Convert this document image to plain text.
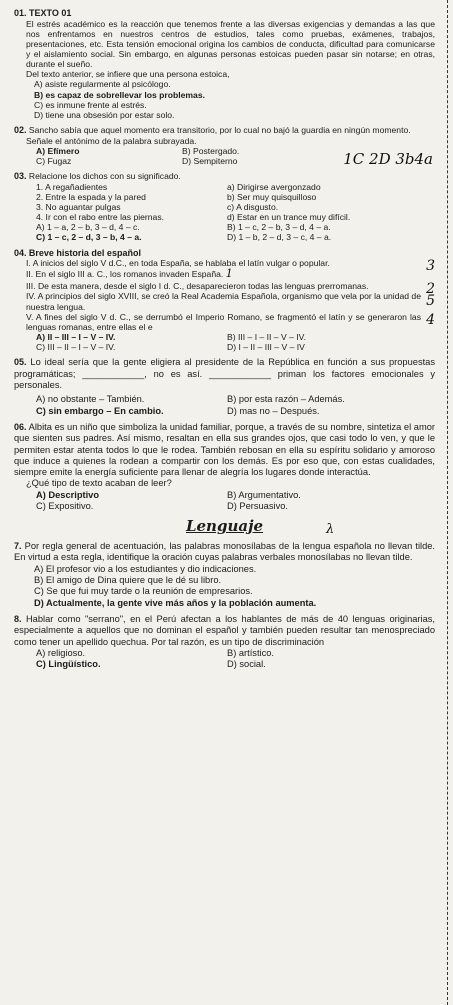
01. TEXTO 01
El estrés académico es la reacción que tenemos frente a las diversas exigencias y demandas a las que nos enfrentamos en nuestros centros de estudios, tales como pruebas, exámenes, trabajos, presentaciones, etc. Esta tensión emocional origina los cambios de conducta, dificultad para comunicarse y el aislamiento social. Sin embargo, en algunas personas estoicas pueden pasar sin notarse; en otras, durante el sueño.
Del texto anterior, se infiere que una persona estoica,
A) asiste regularmente al psicólogo.
B) es capaz de sobrellevar los problemas.
C) es inmune frente al estrés.
D) tiene una obsesión por estar solo.
02. Sancho sabía que aquel momento era transitorio, por lo cual no bajó la guardia en ningún momento.
Señale el antónimo de la palabra subrayada.
A) Efímero	B) Postergado.
C) Fugaz	D) Sempiterno	1C 2D 3b4a
03. Relacione los dichos con su significado.
1. A regañadientes	a) Dirigirse avergonzado
2. Entre la espada y la pared	b) Ser muy quisquilloso
3. No aguantar pulgas	c) A disgusto.
4. Ir con el rabo entre las piernas.	d) Estar en un trance muy difícil.
A) 1 – a, 2 – b, 3 – d, 4 – c.	B) 1 – c, 2 – b, 3 – d, 4 – a.
C) 1 – c, 2 – d, 3 – b, 4 – a.	D) 1 – b, 2 – d, 3 – c, 4 – a.
04. Breve historia del español
I. A inicios del siglo V d.C., en toda España, se hablaba el latín vulgar o popular.	3
II. En el siglo III a. C., los romanos invaden España. 1
III. De esta manera, desde el siglo I d. C., desaparecieron todas las lenguas prerromanas.	2
IV. A principios del siglo XVIII, se creó la Real Academia Española, organismo que vela por la unidad de nuestra lengua.	5
V. A fines del siglo V d. C., se derrumbó el Imperio Romano, se fragmentó el latín y se generaron las lenguas romanas, entre ellas el e	4
A) II – III – I – V – IV.	B) III – I – II – V – IV.
C) III – II – I – V – IV.	D) I – II – III – V – IV
05. Lo ideal sería que la gente eligiera al presidente de la República en función a sus propuestas programáticas; ____________, no es así. ____________ priman los factores emocionales y personales.
A) no obstante – También.	B) por esta razón – Además.
C) sin embargo – En cambio.	D) mas no – Después.
06. Albita es un niño que simboliza la unidad familiar, porque, a través de su nombre, sintetiza el amor que sienten sus padres. Así mismo, resaltan en ella sus grandes ojos, que casi todo lo ven, y que le permiten estar atenta todos lo que le rodea. También rebosan en ella su espíritu solidario y amoroso que induce a quienes la rodean a compartir con los demás. Es por eso que, con estas cualidades, siempre emite la energía suficiente para llenar de alegría los lugares donde interactúa.
¿Qué tipo de texto acaban de leer?
A) Descriptivo	B) Argumentativo.
C) Expositivo.	D) Persuasivo.
Lenguaje	λ
7. Por regla general de acentuación, las palabras monosílabas de la lengua española no llevan tilde. En virtud a esta regla, identifique la oración cuyas palabras verbales monosílabas no llevan tilde.
A) El profesor vio a los estudiantes y dio indicaciones.
B) El amigo de Dina quiere que le dé su libro.
C) Se que fui muy tarde o la reunión de empresarios.
D) Actualmente, la gente vive más años y la población aumenta.
8. Hablar como "serrano", en el Perú afectan a los hablantes de más de 40 lenguas originarias, especialmente a aquellos que no dominan el español y también pueden resultar tan menospreciado como tener un apellido quechua. Por tal razón, es un tipo de discriminación
A) religioso.	B) artístico.
C) Lingüístico.	D) social.
